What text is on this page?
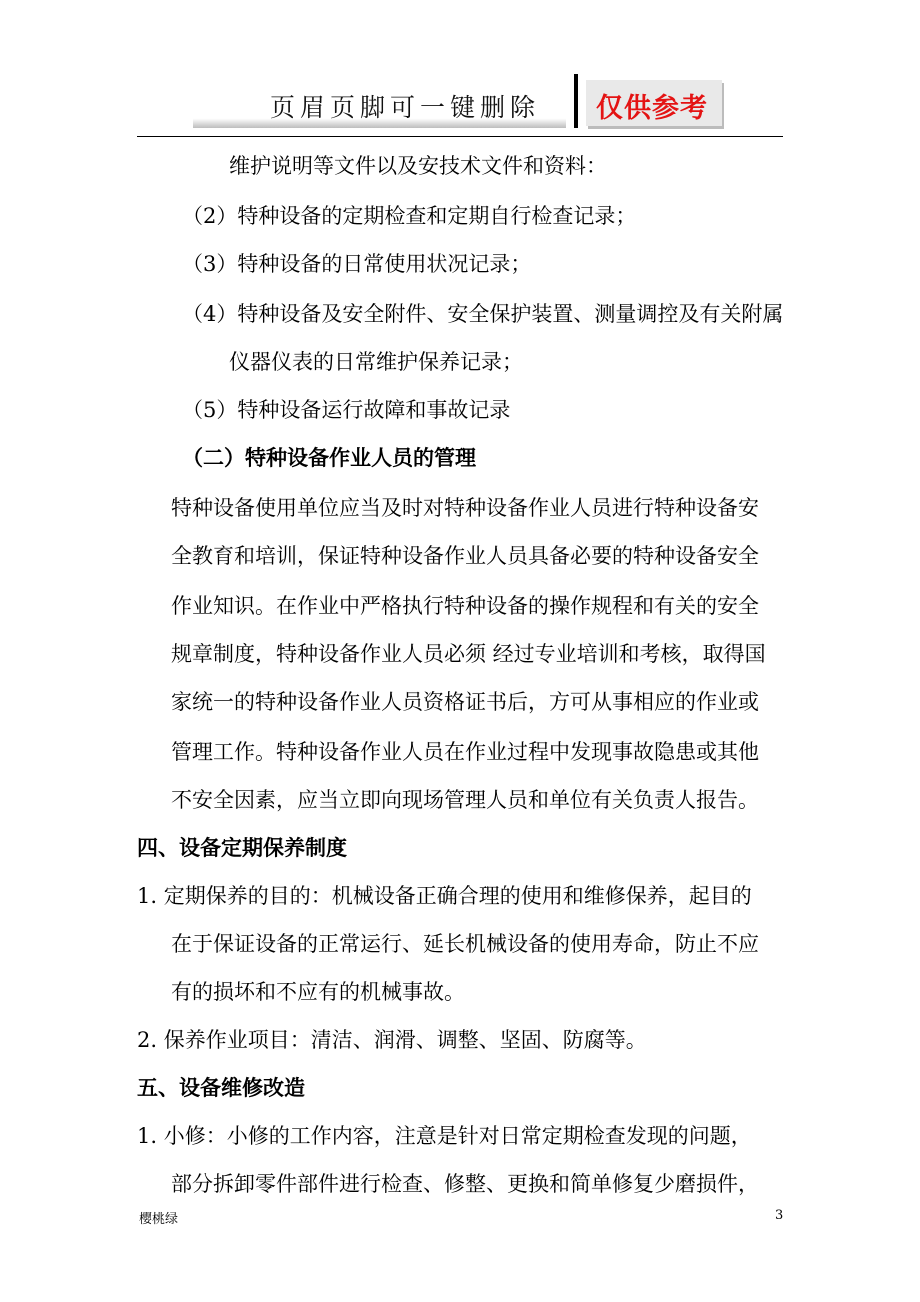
页眉页脚可一键删除 仅供参考
维护说明等文件以及安技术文件和资料：
（2）特种设备的定期检查和定期自行检查记录；
（3）特种设备的日常使用状况记录；
（4）特种设备及安全附件、安全保护装置、测量调控及有关附属
仪器仪表的日常维护保养记录；
（5）特种设备运行故障和事故记录
（二）特种设备作业人员的管理
特种设备使用单位应当及时对特种设备作业人员进行特种设备安
全教育和培训，保证特种设备作业人员具备必要的特种设备安全
作业知识。在作业中严格执行特种设备的操作规程和有关的安全
规章制度，特种设备作业人员必须 经过专业培训和考核，取得国
家统一的特种设备作业人员资格证书后，方可从事相应的作业或
管理工作。特种设备作业人员在作业过程中发现事故隐患或其他
不安全因素，应当立即向现场管理人员和单位有关负责人报告。
四、设备定期保养制度
1. 定期保养的目的：机械设备正确合理的使用和维修保养，起目的
在于保证设备的正常运行、延长机械设备的使用寿命，防止不应
有的损坏和不应有的机械事故。
2. 保养作业项目：清洁、润滑、调整、坚固、防腐等。
五、设备维修改造
1. 小修：小修的工作内容，注意是针对日常定期检查发现的问题，
部分拆卸零件部件进行检查、修整、更换和简单修复少磨损件，
樱桃绿	3
